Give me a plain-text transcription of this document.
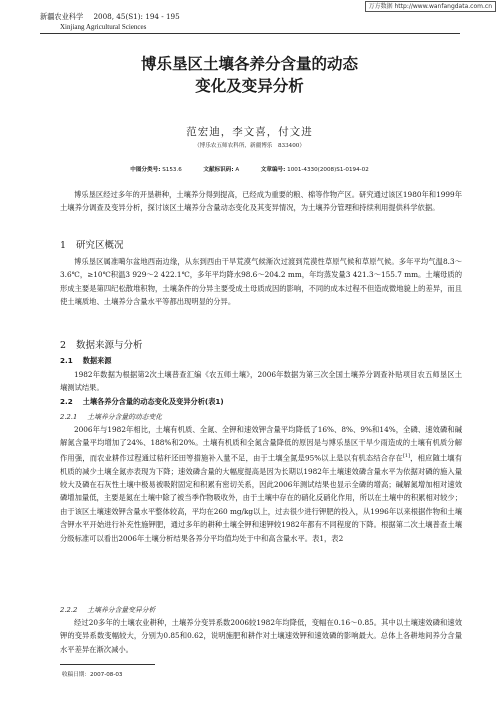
万方数据 http://www.wanfangdata.com.cn
新疆农业科学 2008, 45(S1): 194 - 195
Xinjiang Agricultural Sciences
博乐垦区土壤各养分含量的动态
变化及变异分析
范宏迪，李文喜，付文进
（博乐农五师农科所，新疆博乐　833400）
中图分类号: S153.6	文献标识码: A	文章编号: 1001-4330(2008)S1-0194-02
博乐垦区经过多年的开垦耕种，土壤养分得到提高，已经成为重要的粮、棉等作物产区。研究通过该区1980年和1999年土壤养分调查及变异分析，探讨该区土壤养分含量动态变化及其变异情况，为土壤养分管理和持续利用提供科学依据。
1 研究区概况
博乐垦区属准噶尔盆地西南边缘，从东到西由干旱荒漠气候渐次过渡到荒漠性草原气候和草原气候。多年平均气温8.3～3.6℃，≥10℃积温3 929～2 422.1℃，多年平均降水98.6～204.2 mm，年均蒸发量3 421.3～155.7 mm。土壤母质的形成主要是第四纪松散堆积物，土壤条件的分异主要受成土母质成因的影响，不同的成本过程不但造成微地貌上的差异，而且使土壤质地、土壤养分含量水平等都出现明显的分异。
2 数据来源与分析
2.1 数据来源
1982年数据为根据第2次土壤普查汇编《农五师土壤》，2006年数据为第三次全国土壤养分调查补贴项目农五师垦区土壤测试结果。
2.2 土壤各养分含量的动态变化及变异分析(表1)
2.2.1 土壤养分含量的动态变化
2006年与1982年相比，土壤有机质、全氮、全钾和速效钾含量平均降低了16%、8%、9%和14%，全磷、速效磷和碱解氮含量平均增加了24%、188%和20%。土壤有机质和全氮含量降低的原因是与博乐垦区干旱少雨造成的土壤有机质分解作用强，而农业耕作过程通过秸秆还田等措施补入量不足，由于土壤全氮是95%以上是以有机态结合存在[1]，相应随土壤有机质的减少土壤全氮亦表现为下降；速效磷含量的大幅度提高是因为长期以1982年土壤速效磷含量水平为依据对磷的施入量较大及磷在石灰性土壤中极易被吸附固定和积累有密切关系，因此2006年测试结果也显示全磷的增高；碱解氮增加相对速效磷增加量低，主要是氮在土壤中除了被当季作物吸收外，由于土壤中存在的硝化反硝化作用，所以在土壤中的积累相对较少；由于该区土壤速效钾含量水平整体较高，平均在260 mg/kg以上，过去很少进行钾肥的投入，从1996年以来根据作物和土壤含钾水平开始进行补充性施钾肥，通过多年的耕种土壤全钾和速钾较1982年都有不同程度的下降。根据第二次土壤普查土壤分级标准可以看出2006年土壤分析结果各养分平均值均处于中和高含量水平。表1，表2
2.2.2 土壤养分含量变异分析
经过20多年的土壤农业耕种，土壤养分变异系数2006较1982年均降低，变幅在0.16～0.85。其中以土壤速效磷和速效钾的变异系数变幅较大，分别为0.85和0.62，说明施肥和耕作对土壤速效钾和速效磷的影响最大。总体上各耕地间养分含量水平差异在渐次减小。
收稿日期：2007-08-03
